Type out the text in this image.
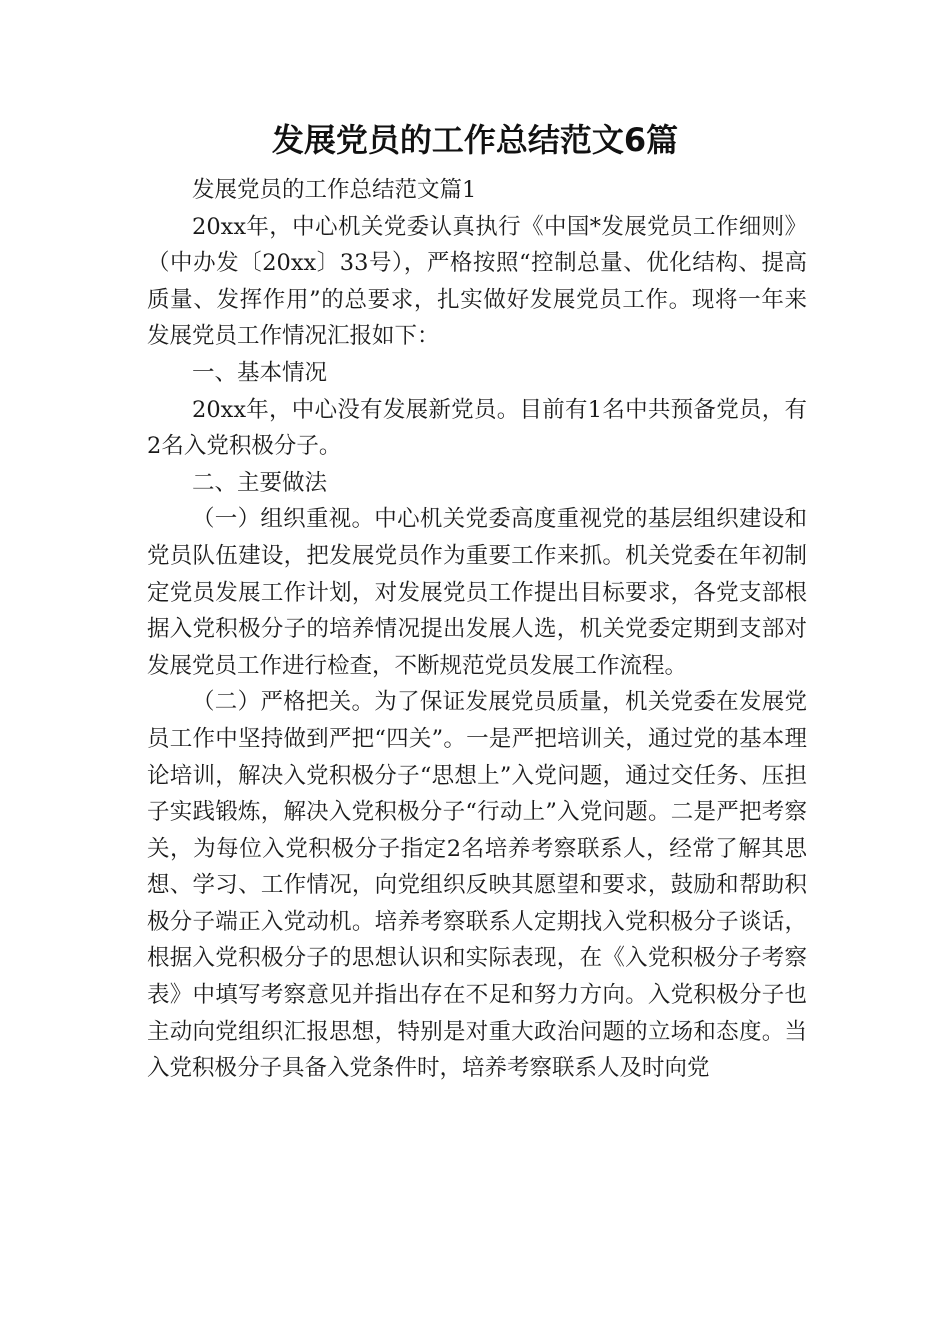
发展党员的工作总结范文6篇

发展党员的工作总结范文篇1

20xx年，中心机关党委认真执行《中国*发展党员工作细则》（中办发〔20xx〕33号），严格按照“控制总量、优化结构、提高质量、发挥作用”的总要求，扎实做好发展党员工作。现将一年来发展党员工作情况汇报如下：

一、基本情况

20xx年，中心没有发展新党员。目前有1名中共预备党员，有2名入党积极分子。

二、主要做法

（一）组织重视。中心机关党委高度重视党的基层组织建设和党员队伍建设，把发展党员作为重要工作来抓。机关党委在年初制定党员发展工作计划，对发展党员工作提出目标要求，各党支部根据入党积极分子的培养情况提出发展人选，机关党委定期到支部对发展党员工作进行检查，不断规范党员发展工作流程。

（二）严格把关。为了保证发展党员质量，机关党委在发展党员工作中坚持做到严把“四关”。一是严把培训关，通过党的基本理论培训，解决入党积极分子“思想上”入党问题，通过交任务、压担子实践锻炼，解决入党积极分子“行动上”入党问题。二是严把考察关，为每位入党积极分子指定2名培养考察联系人，经常了解其思想、学习、工作情况，向党组织反映其愿望和要求，鼓励和帮助积极分子端正入党动机。培养考察联系人定期找入党积极分子谈话，根据入党积极分子的思想认识和实际表现，在《入党积极分子考察表》中填写考察意见并指出存在不足和努力方向。入党积极分子也主动向党组织汇报思想，特别是对重大政治问题的立场和态度。当入党积极分子具备入党条件时，培养考察联系人及时向党
